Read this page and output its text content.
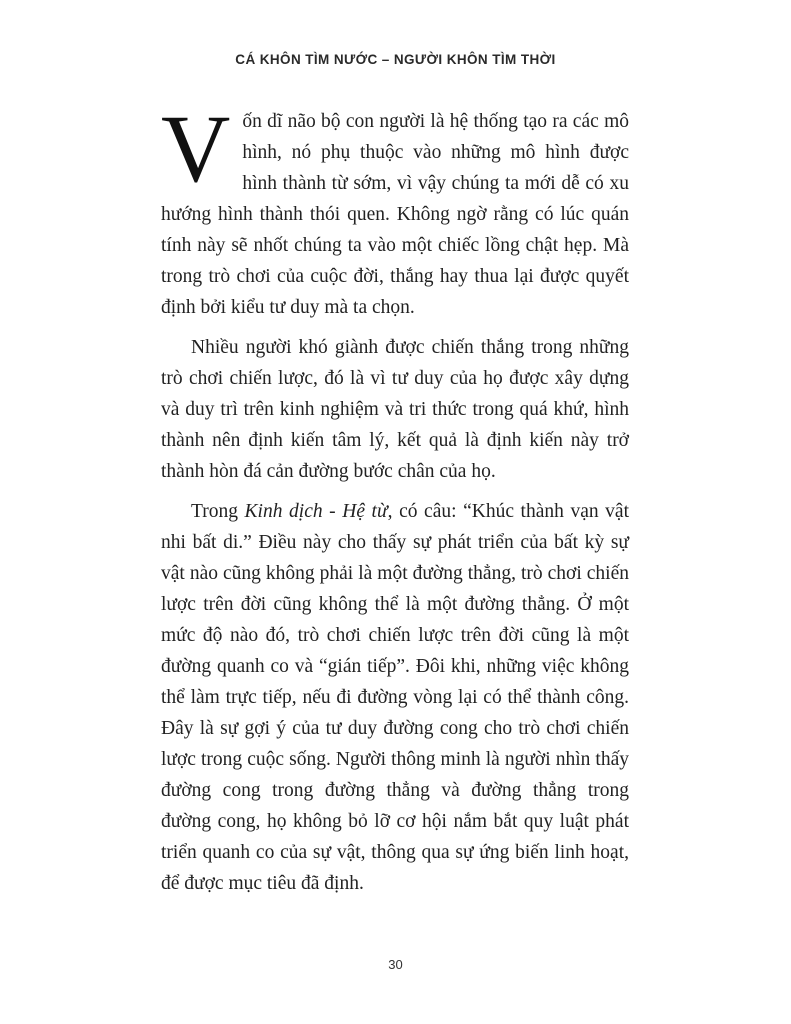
CÁ KHÔN TÌM NƯỚC – NGƯỜI KHÔN TÌM THỜI

Vốn dĩ não bộ con người là hệ thống tạo ra các mô hình, nó phụ thuộc vào những mô hình được hình thành từ sớm, vì vậy chúng ta mới dễ có xu hướng hình thành thói quen. Không ngờ rằng có lúc quán tính này sẽ nhốt chúng ta vào một chiếc lồng chật hẹp. Mà trong trò chơi của cuộc đời, thắng hay thua lại được quyết định bởi kiểu tư duy mà ta chọn.

Nhiều người khó giành được chiến thắng trong những trò chơi chiến lược, đó là vì tư duy của họ được xây dựng và duy trì trên kinh nghiệm và tri thức trong quá khứ, hình thành nên định kiến tâm lý, kết quả là định kiến này trở thành hòn đá cản đường bước chân của họ.

Trong Kinh dịch - Hệ từ, có câu: “Khúc thành vạn vật nhi bất di.” Điều này cho thấy sự phát triển của bất kỳ sự vật nào cũng không phải là một đường thẳng, trò chơi chiến lược trên đời cũng không thể là một đường thẳng. Ở một mức độ nào đó, trò chơi chiến lược trên đời cũng là một đường quanh co và “gián tiếp”. Đôi khi, những việc không thể làm trực tiếp, nếu đi đường vòng lại có thể thành công. Đây là sự gợi ý của tư duy đường cong cho trò chơi chiến lược trong cuộc sống. Người thông minh là người nhìn thấy đường cong trong đường thẳng và đường thẳng trong đường cong, họ không bỏ lỡ cơ hội nắm bắt quy luật phát triển quanh co của sự vật, thông qua sự ứng biến linh hoạt, để được mục tiêu đã định.

30
